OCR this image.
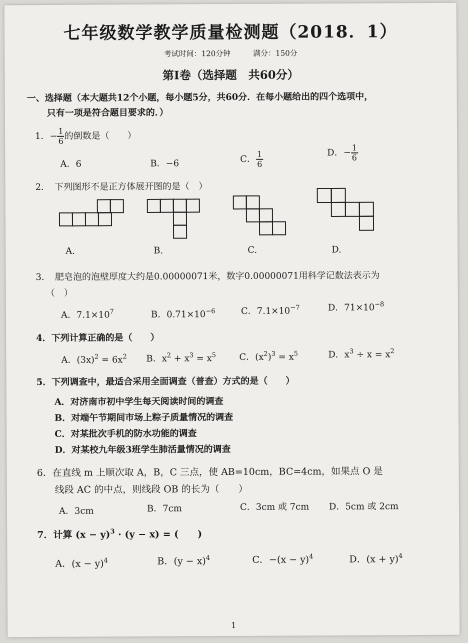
七年级数学教学质量检测题（2018．1）
考试时间：120分钟	满分：150分
第Ⅰ卷（选择题　共60分）
一、选择题（本大题共12个小题，每小题5分，共60分．在每小题给出的四个选项中，
只有一项是符合题目要求的．）
1．− $\frac{1}{6}$ 的倒数是（　　）
A．6	B．−6	C． $\frac{1}{6}$	D．− $\frac{1}{6}$
2．　下列图形不是正方体展开图的是（　）
A.	B.	C.	D.
3．　肥皂泡的泡壁厚度大约是0.00000071米，数字0.00000071用科学记数法表示为
（　）
A．$7.1\times 10^7$	B．$0.71\times 10^{-6}$	C．$7.1\times 10^{-7}$	D．$71\times 10^{-8}$
4．下列计算正确的是（　　）
A．$(3x)^2 = 6x^2$ B．$x^2 + x^3 = x^5$	C．$(x^2)^3 = x^5$	D．$x^3 \div x = x^2$
5．下列调查中，最适合采用全面调查（普查）方式的是（　　）
A．对济南市初中学生每天阅读时间的调查
B．对端午节期间市场上粽子质量情况的调查
C．对某批次手机的防水功能的调查
D．对某校九年级3班学生肺活量情况的调查
6．在直线 m 上顺次取 A，B，C 三点，使 AB=10cm，BC=4cm，如果点 O 是
线段 AC 的中点，则线段 OB 的长为（　　）
A．3cm	B．7cm	C．3cm 或 7cm D．5cm 或 2cm
7．计算 $(x - y)^3 \cdot (y - x)$ = (　　)
A．$(x - y)^4$	B．$(y - x)^4$	C．$-(x - y)^4$	D．$(x + y)^4$
1
